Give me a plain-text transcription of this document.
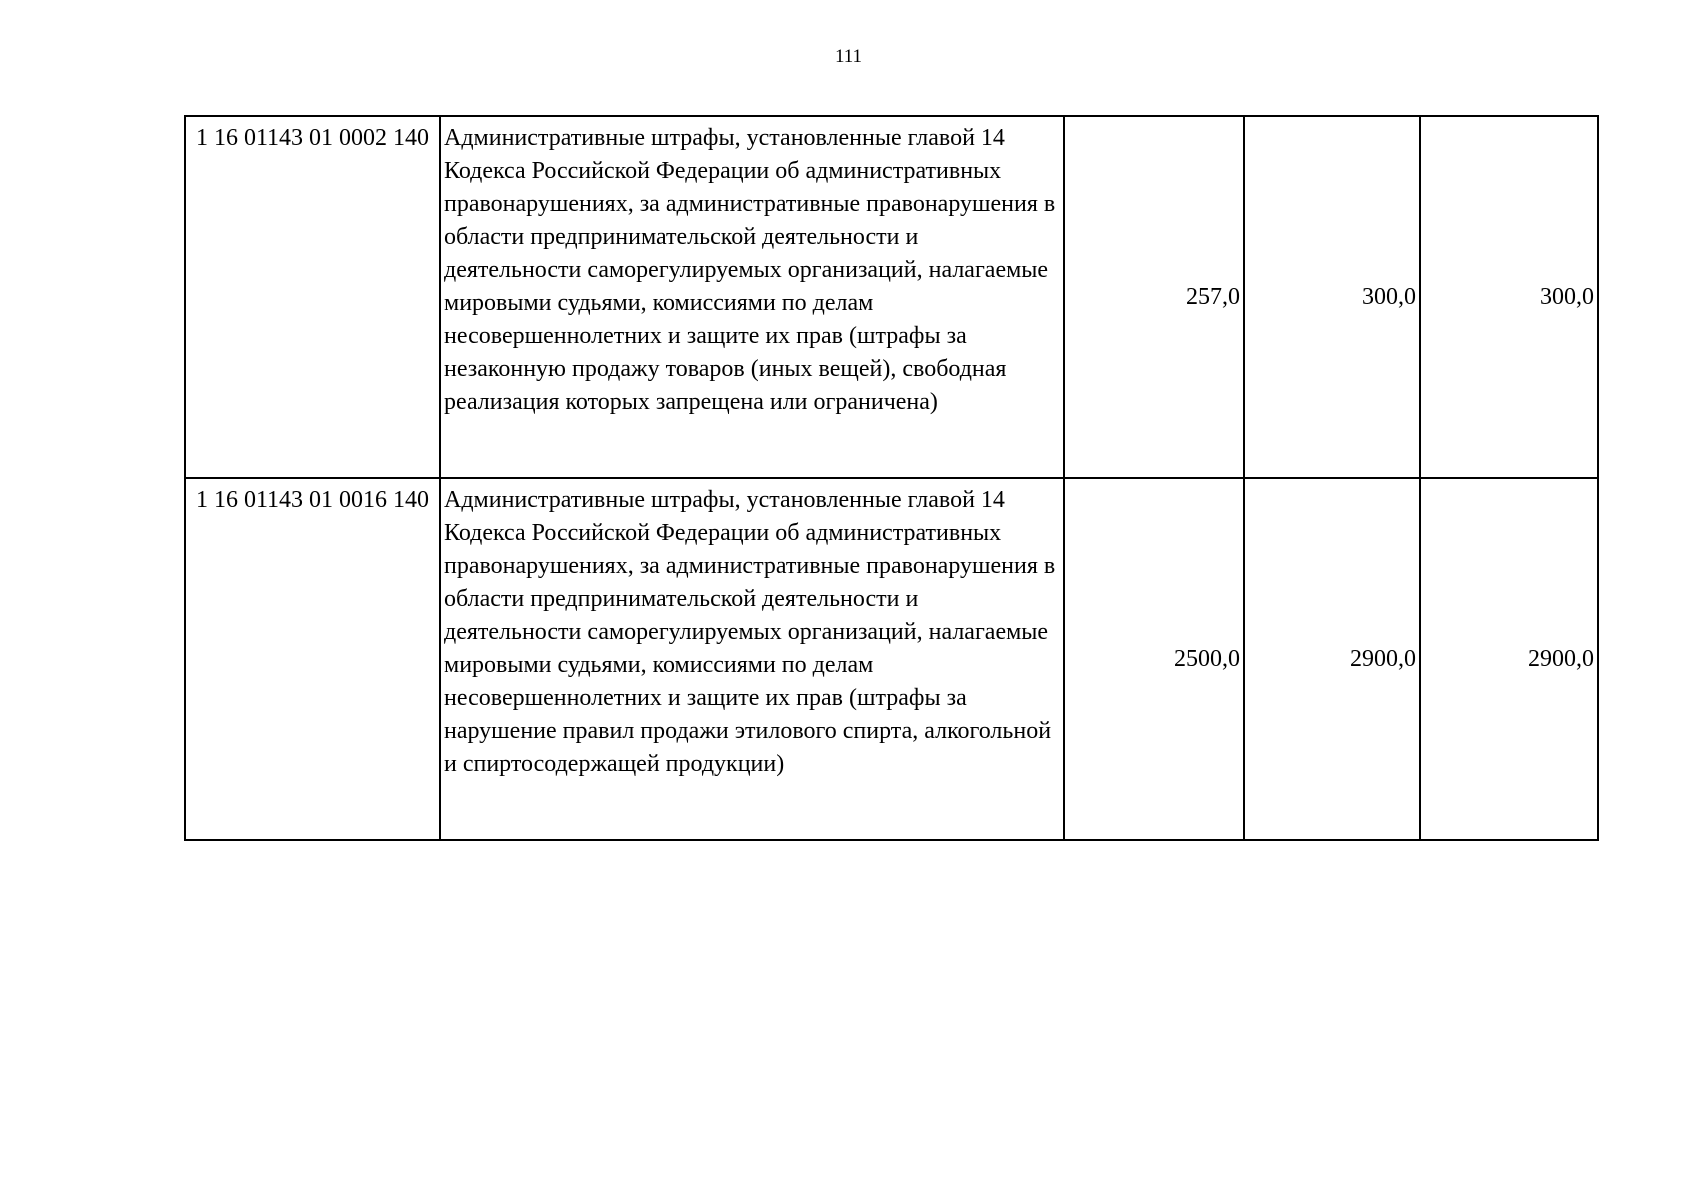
111
1 16 01143 01 0002 140	Административные штрафы, установленные главой 14 Кодекса Российской Федерации об административных правонарушениях, за административные правонарушения в области предпринимательской деятельности и деятельности саморегулируемых организаций, налагаемые мировыми судьями, комиссиями по делам несовершеннолетних и защите их прав (штрафы за незаконную продажу товаров (иных вещей), свободная реализация которых запрещена или ограничена)	257,0	300,0	300,0

1 16 01143 01 0016 140	Административные штрафы, установленные главой 14 Кодекса Российской Федерации об административных правонарушениях, за административные правонарушения в области предпринимательской деятельности и деятельности саморегулируемых организаций, налагаемые мировыми судьями, комиссиями по делам несовершеннолетних и защите их прав (штрафы за нарушение правил продажи этилового спирта, алкогольной и спиртосодержащей продукции)	2500,0	2900,0	2900,0
